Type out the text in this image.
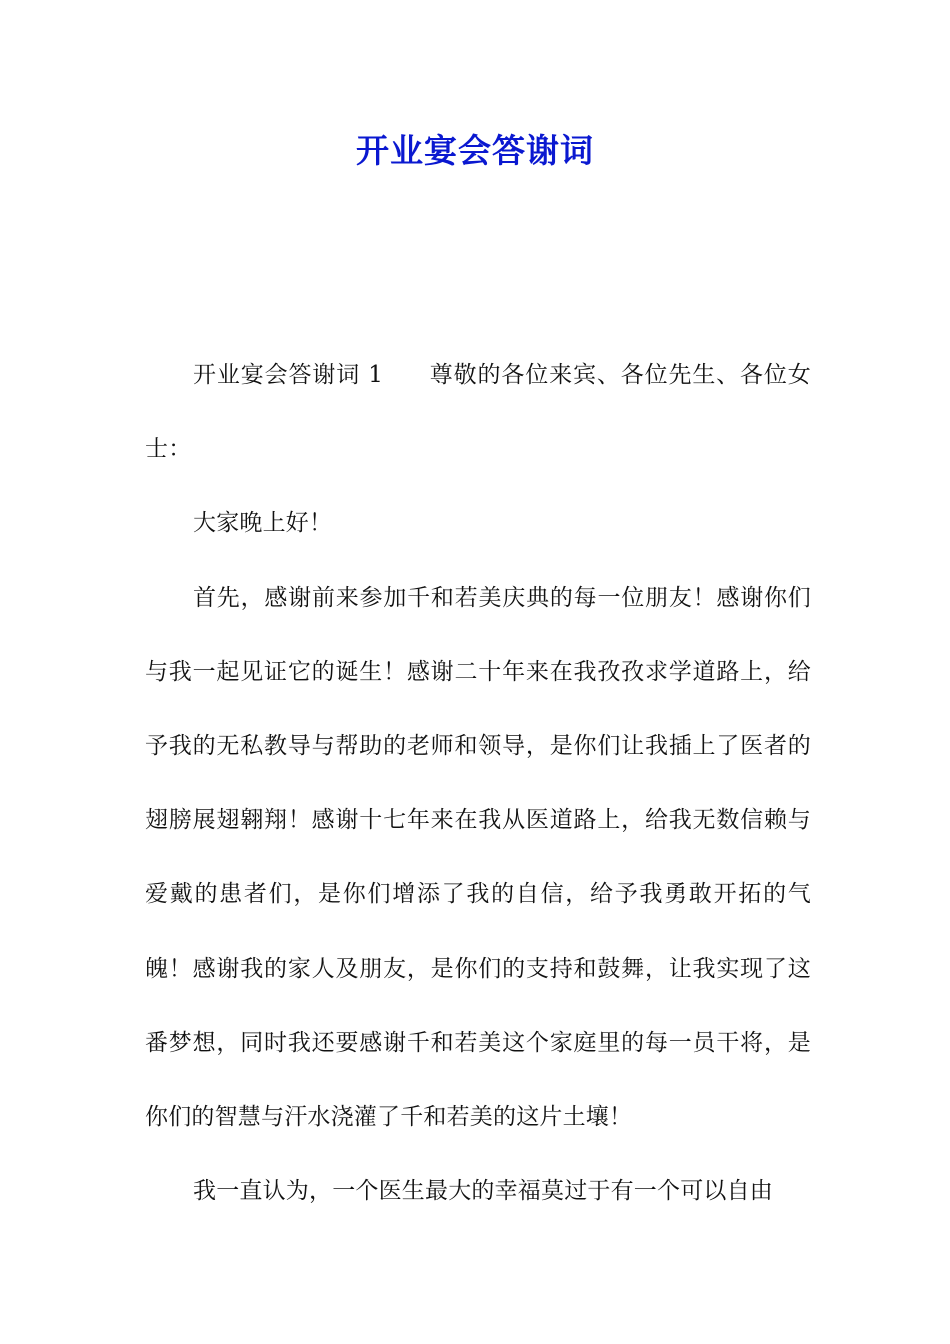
开业宴会答谢词

开业宴会答谢词 1 尊敬的各位来宾、各位先生、各位女士：

大家晚上好！

首先，感谢前来参加千和若美庆典的每一位朋友！感谢你们与我一起见证它的诞生！感谢二十年来在我孜孜求学道路上，给予我的无私教导与帮助的老师和领导，是你们让我插上了医者的翅膀展翅翱翔！感谢十七年来在我从医道路上，给我无数信赖与爱戴的患者们，是你们增添了我的自信，给予我勇敢开拓的气魄！感谢我的家人及朋友，是你们的支持和鼓舞，让我实现了这番梦想，同时我还要感谢千和若美这个家庭里的每一员干将，是你们的智慧与汗水浇灌了千和若美的这片土壤！

我一直认为，一个医生最大的幸福莫过于有一个可以自由
